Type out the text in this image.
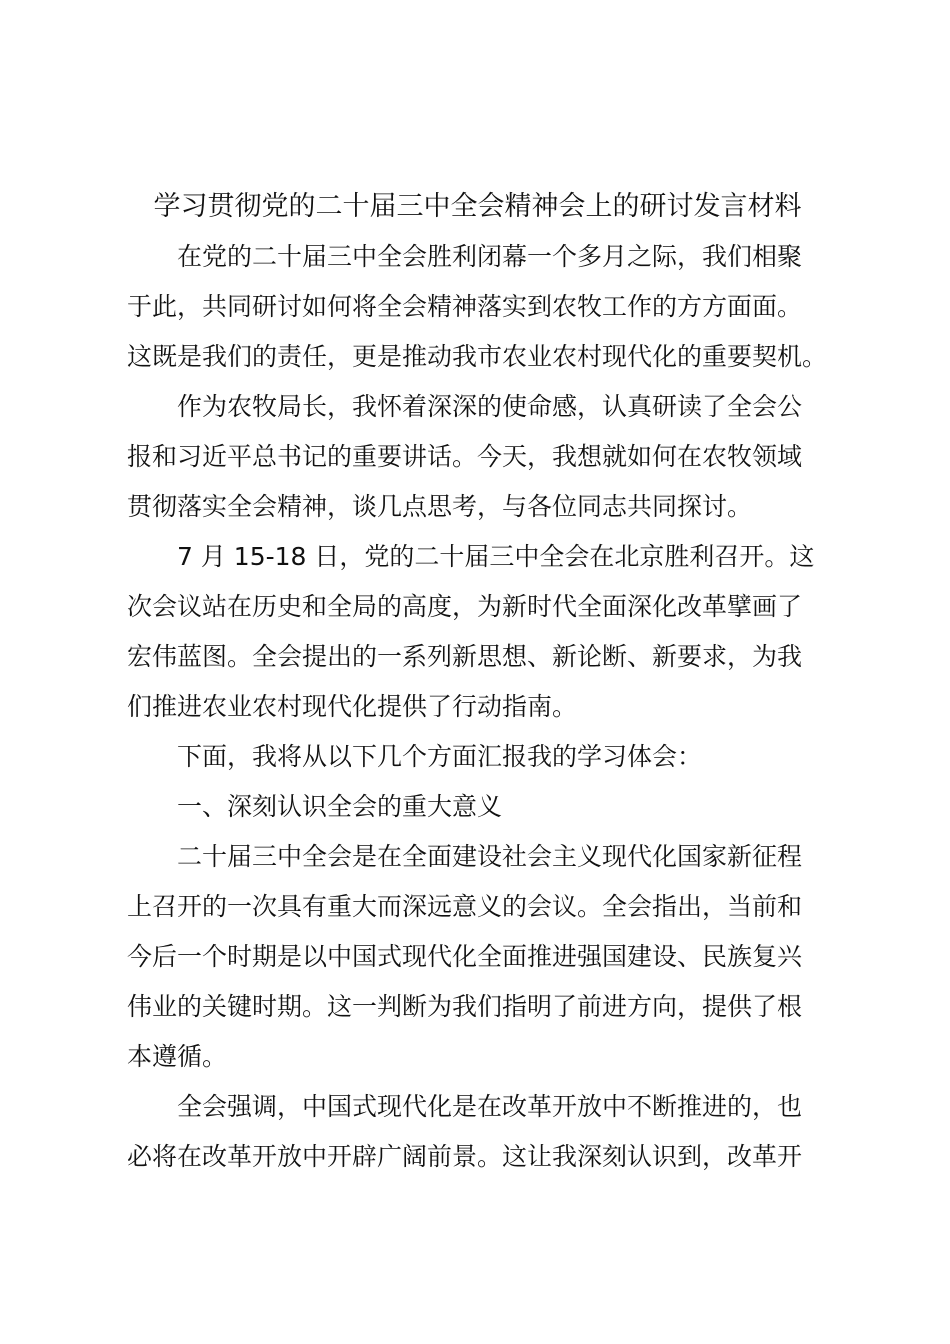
学习贯彻党的二十届三中全会精神会上的研讨发言材料
在党的二十届三中全会胜利闭幕一个多月之际，我们相聚
于此，共同研讨如何将全会精神落实到农牧工作的方方面面。
这既是我们的责任，更是推动我市农业农村现代化的重要契机。
作为农牧局长，我怀着深深的使命感，认真研读了全会公
报和习近平总书记的重要讲话。今天，我想就如何在农牧领域
贯彻落实全会精神，谈几点思考，与各位同志共同探讨。
7 月 15-18 日，党的二十届三中全会在北京胜利召开。这
次会议站在历史和全局的高度，为新时代全面深化改革擘画了
宏伟蓝图。全会提出的一系列新思想、新论断、新要求，为我
们推进农业农村现代化提供了行动指南。
下面，我将从以下几个方面汇报我的学习体会：
一、深刻认识全会的重大意义
二十届三中全会是在全面建设社会主义现代化国家新征程
上召开的一次具有重大而深远意义的会议。全会指出，当前和
今后一个时期是以中国式现代化全面推进强国建设、民族复兴
伟业的关键时期。这一判断为我们指明了前进方向，提供了根
本遵循。
全会强调，中国式现代化是在改革开放中不断推进的，也
必将在改革开放中开辟广阔前景。这让我深刻认识到，改革开
